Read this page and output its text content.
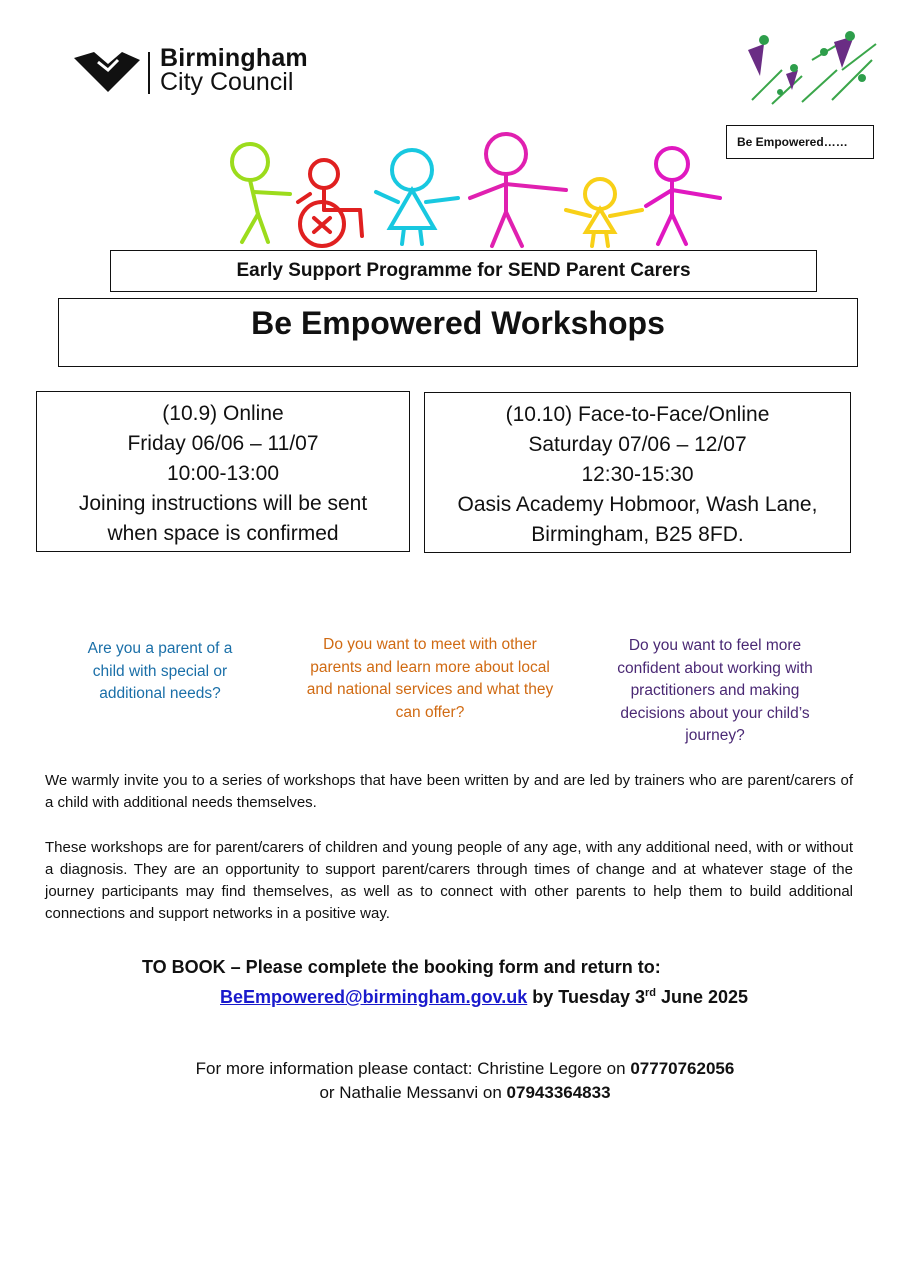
Birmingham
City Council
Be Empowered……
Early Support Programme for SEND Parent Carers
Be Empowered Workshops
(10.9) Online
Friday 06/06 – 11/07
10:00-13:00
Joining instructions will be sent
when space is confirmed
(10.10) Face-to-Face/Online
Saturday 07/06 – 12/07
12:30-15:30
Oasis Academy Hobmoor, Wash Lane,
Birmingham, B25 8FD.
Are you a parent of a child with special or additional needs?
Do you want to meet with other parents and learn more about local and national services and what they can offer?
Do you want to feel more confident about working with practitioners and making decisions about your child’s journey?
We warmly invite you to a series of workshops that have been written by and are led by trainers who are parent/carers of a child with additional needs themselves.
These workshops are for parent/carers of children and young people of any age, with any additional need, with or without a diagnosis. They are an opportunity to support parent/carers through times of change and at whatever stage of the journey participants may find themselves, as well as to connect with other parents to help them to build additional connections and support networks in a positive way.
TO BOOK – Please complete the booking form and return to:
BeEmpowered@birmingham.gov.uk by Tuesday 3rd June 2025
For more information please contact: Christine Legore on 07770762056
or Nathalie Messanvi on 07943364833
